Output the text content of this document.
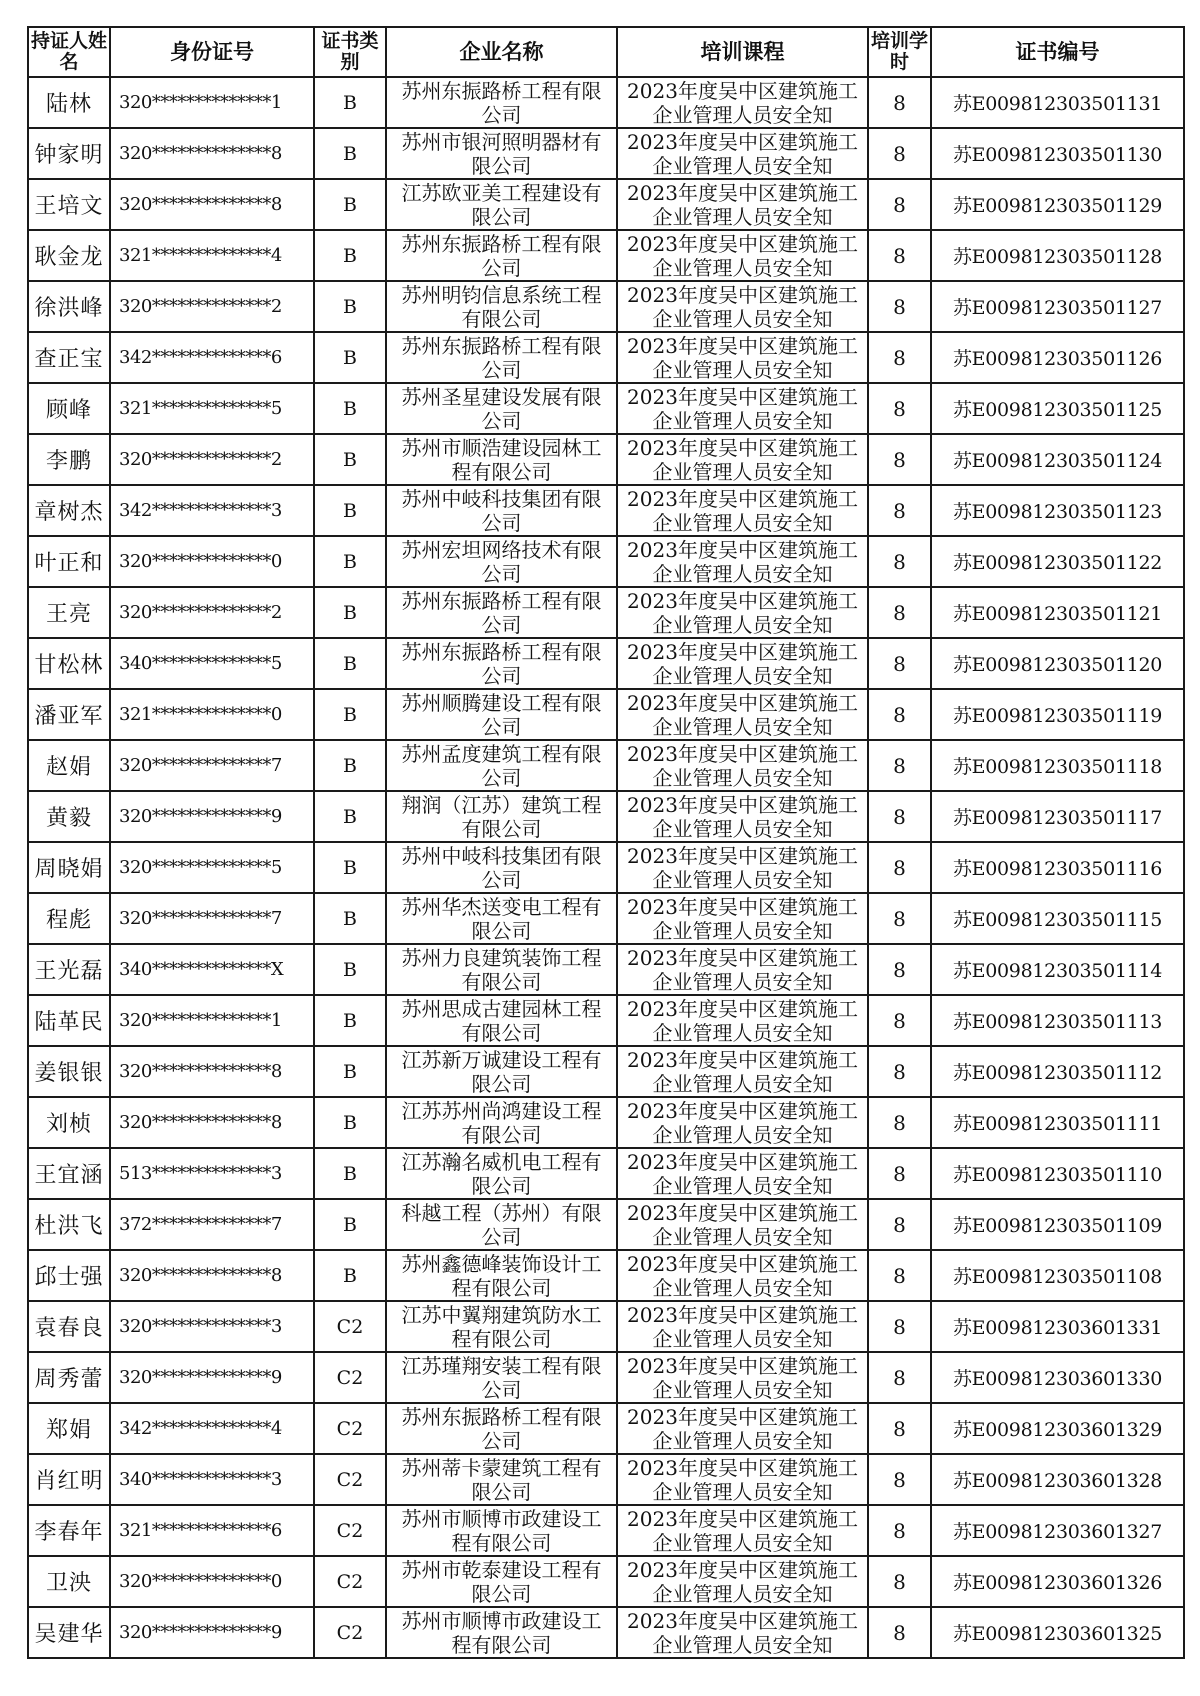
持证人姓名	身份证号	证书类别	企业名称	培训课程	培训学时	证书编号
陆林	320**************1	B	苏州东振路桥工程有限公司	2023年度吴中区建筑施工企业管理人员安全知	8	苏E009812303501131
钟家明	320**************8	B	苏州市银河照明器材有限公司	2023年度吴中区建筑施工企业管理人员安全知	8	苏E009812303501130
王培文	320**************8	B	江苏欧亚美工程建设有限公司	2023年度吴中区建筑施工企业管理人员安全知	8	苏E009812303501129
耿金龙	321**************4	B	苏州东振路桥工程有限公司	2023年度吴中区建筑施工企业管理人员安全知	8	苏E009812303501128
徐洪峰	320**************2	B	苏州明钧信息系统工程有限公司	2023年度吴中区建筑施工企业管理人员安全知	8	苏E009812303501127
查正宝	342**************6	B	苏州东振路桥工程有限公司	2023年度吴中区建筑施工企业管理人员安全知	8	苏E009812303501126
顾峰	321**************5	B	苏州圣星建设发展有限公司	2023年度吴中区建筑施工企业管理人员安全知	8	苏E009812303501125
李鹏	320**************2	B	苏州市顺浩建设园林工程有限公司	2023年度吴中区建筑施工企业管理人员安全知	8	苏E009812303501124
章树杰	342**************3	B	苏州中岐科技集团有限公司	2023年度吴中区建筑施工企业管理人员安全知	8	苏E009812303501123
叶正和	320**************0	B	苏州宏坦网络技术有限公司	2023年度吴中区建筑施工企业管理人员安全知	8	苏E009812303501122
王亮	320**************2	B	苏州东振路桥工程有限公司	2023年度吴中区建筑施工企业管理人员安全知	8	苏E009812303501121
甘松林	340**************5	B	苏州东振路桥工程有限公司	2023年度吴中区建筑施工企业管理人员安全知	8	苏E009812303501120
潘亚军	321**************0	B	苏州顺腾建设工程有限公司	2023年度吴中区建筑施工企业管理人员安全知	8	苏E009812303501119
赵娟	320**************7	B	苏州孟度建筑工程有限公司	2023年度吴中区建筑施工企业管理人员安全知	8	苏E009812303501118
黄毅	320**************9	B	翔润（江苏）建筑工程有限公司	2023年度吴中区建筑施工企业管理人员安全知	8	苏E009812303501117
周晓娟	320**************5	B	苏州中岐科技集团有限公司	2023年度吴中区建筑施工企业管理人员安全知	8	苏E009812303501116
程彪	320**************7	B	苏州华杰送变电工程有限公司	2023年度吴中区建筑施工企业管理人员安全知	8	苏E009812303501115
王光磊	340**************X	B	苏州力良建筑装饰工程有限公司	2023年度吴中区建筑施工企业管理人员安全知	8	苏E009812303501114
陆革民	320**************1	B	苏州思成古建园林工程有限公司	2023年度吴中区建筑施工企业管理人员安全知	8	苏E009812303501113
姜银银	320**************8	B	江苏新万诚建设工程有限公司	2023年度吴中区建筑施工企业管理人员安全知	8	苏E009812303501112
刘桢	320**************8	B	江苏苏州尚鸿建设工程有限公司	2023年度吴中区建筑施工企业管理人员安全知	8	苏E009812303501111
王宜涵	513**************3	B	江苏瀚名威机电工程有限公司	2023年度吴中区建筑施工企业管理人员安全知	8	苏E009812303501110
杜洪飞	372**************7	B	科越工程（苏州）有限公司	2023年度吴中区建筑施工企业管理人员安全知	8	苏E009812303501109
邱士强	320**************8	B	苏州鑫德峰装饰设计工程有限公司	2023年度吴中区建筑施工企业管理人员安全知	8	苏E009812303501108
袁春良	320**************3	C2	江苏中翼翔建筑防水工程有限公司	2023年度吴中区建筑施工企业管理人员安全知	8	苏E009812303601331
周秀蕾	320**************9	C2	江苏瑾翔安装工程有限公司	2023年度吴中区建筑施工企业管理人员安全知	8	苏E009812303601330
郑娟	342**************4	C2	苏州东振路桥工程有限公司	2023年度吴中区建筑施工企业管理人员安全知	8	苏E009812303601329
肖红明	340**************3	C2	苏州蒂卡蒙建筑工程有限公司	2023年度吴中区建筑施工企业管理人员安全知	8	苏E009812303601328
李春年	321**************6	C2	苏州市顺博市政建设工程有限公司	2023年度吴中区建筑施工企业管理人员安全知	8	苏E009812303601327
卫泱	320**************0	C2	苏州市乾泰建设工程有限公司	2023年度吴中区建筑施工企业管理人员安全知	8	苏E009812303601326
吴建华	320**************9	C2	苏州市顺博市政建设工程有限公司	2023年度吴中区建筑施工企业管理人员安全知	8	苏E009812303601325
